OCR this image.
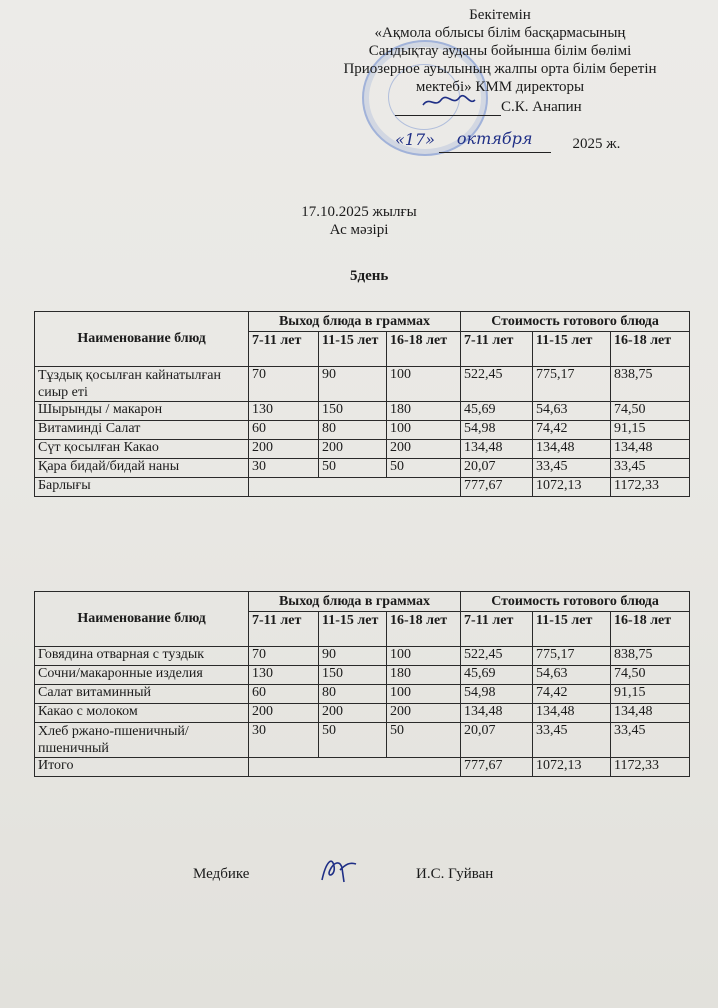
Бекітемін
«Ақмола облысы білім басқармасының
Сандықтау ауданы бойынша білім бөлімі
Приозерное ауылының жалпы орта білім беретін
мектебі» КММ директоры
С.К. Анапин
«17» октября	2025 ж.
17.10.2025 жылғы
Ас мәзірі
5день
Наименование блюд	Выход блюда в граммах			Стоимость готового блюда		
	7-11 лет	11-15 лет	16-18 лет	7-11 лет	11-15 лет	16-18 лет
Тұздық қосылған кайнатылған сиыр еті	70	90	100	522,45	775,17	838,75
Шырынды / макарон	130	150	180	45,69	54,63	74,50
Витаминді Салат	60	80	100	54,98	74,42	91,15
Сүт қосылған Какао	200	200	200	134,48	134,48	134,48
Қара бидай/бидай наны	30	50	50	20,07	33,45	33,45
Барлығы				777,67	1072,13	1172,33
Наименование блюд	Выход блюда в граммах			Стоимость готового блюда		
	7-11 лет	11-15 лет	16-18 лет	7-11 лет	11-15 лет	16-18 лет
Говядина отварная с туздык	70	90	100	522,45	775,17	838,75
Сочни/макаронные изделия	130	150	180	45,69	54,63	74,50
Салат витаминный	60	80	100	54,98	74,42	91,15
Какао с молоком	200	200	200	134,48	134,48	134,48
Хлеб ржано-пшеничный/пшеничный	30	50	50	20,07	33,45	33,45
Итого				777,67	1072,13	1172,33
Медбике	И.С. Гуйван
